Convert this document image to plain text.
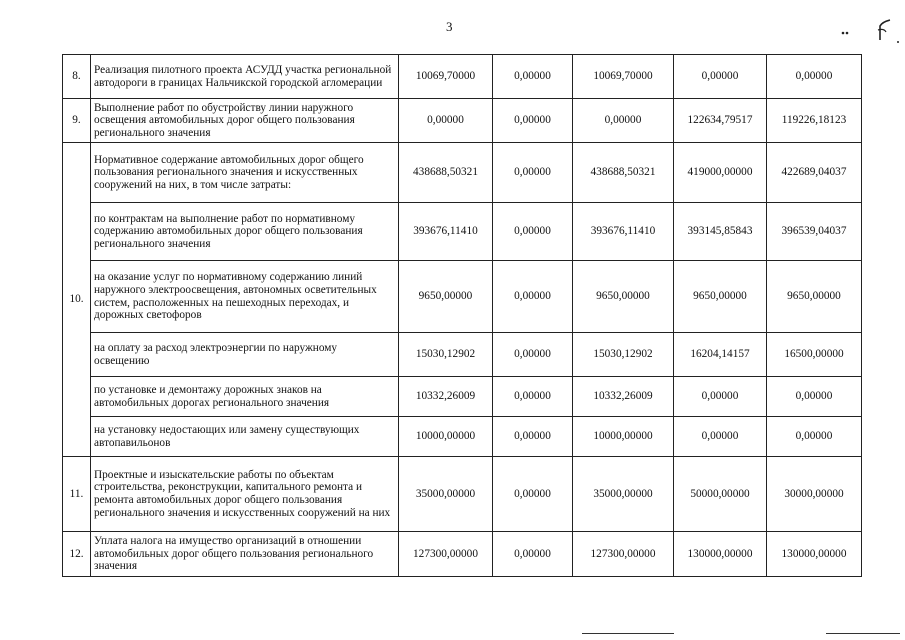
3
8.	Реализация пилотного проекта АСУДД участка региональной автодороги в границах Нальчикской городской агломерации	10069,70000	0,00000	10069,70000	0,00000	0,00000
9.	Выполнение работ по обустройству линии наружного освещения автомобильных дорог общего пользования регионального значения	0,00000	0,00000	0,00000	122634,79517	119226,18123
10.	Нормативное содержание автомобильных дорог общего пользования регионального значения и искусственных сооружений на них, в том числе затраты:	438688,50321	0,00000	438688,50321	419000,00000	422689,04037
	по контрактам на выполнение работ по нормативному содержанию автомобильных дорог общего пользования регионального значения	393676,11410	0,00000	393676,11410	393145,85843	396539,04037
	на оказание услуг по нормативному содержанию линий наружного электроосвещения, автономных осветительных систем, расположенных на пешеходных переходах, и дорожных светофоров	9650,00000	0,00000	9650,00000	9650,00000	9650,00000
	на оплату за расход электроэнергии по наружному освещению	15030,12902	0,00000	15030,12902	16204,14157	16500,00000
	по установке и демонтажу дорожных знаков на автомобильных дорогах регионального значения	10332,26009	0,00000	10332,26009	0,00000	0,00000
	на установку недостающих или замену существующих автопавильонов	10000,00000	0,00000	10000,00000	0,00000	0,00000
11.	Проектные и изыскательские работы по объектам строительства, реконструкции, капитального ремонта и ремонта автомобильных дорог общего пользования регионального значения и искусственных сооружений на них	35000,00000	0,00000	35000,00000	50000,00000	30000,00000
12.	Уплата налога на имущество организаций в отношении автомобильных дорог общего пользования регионального значения	127300,00000	0,00000	127300,00000	130000,00000	130000,00000
